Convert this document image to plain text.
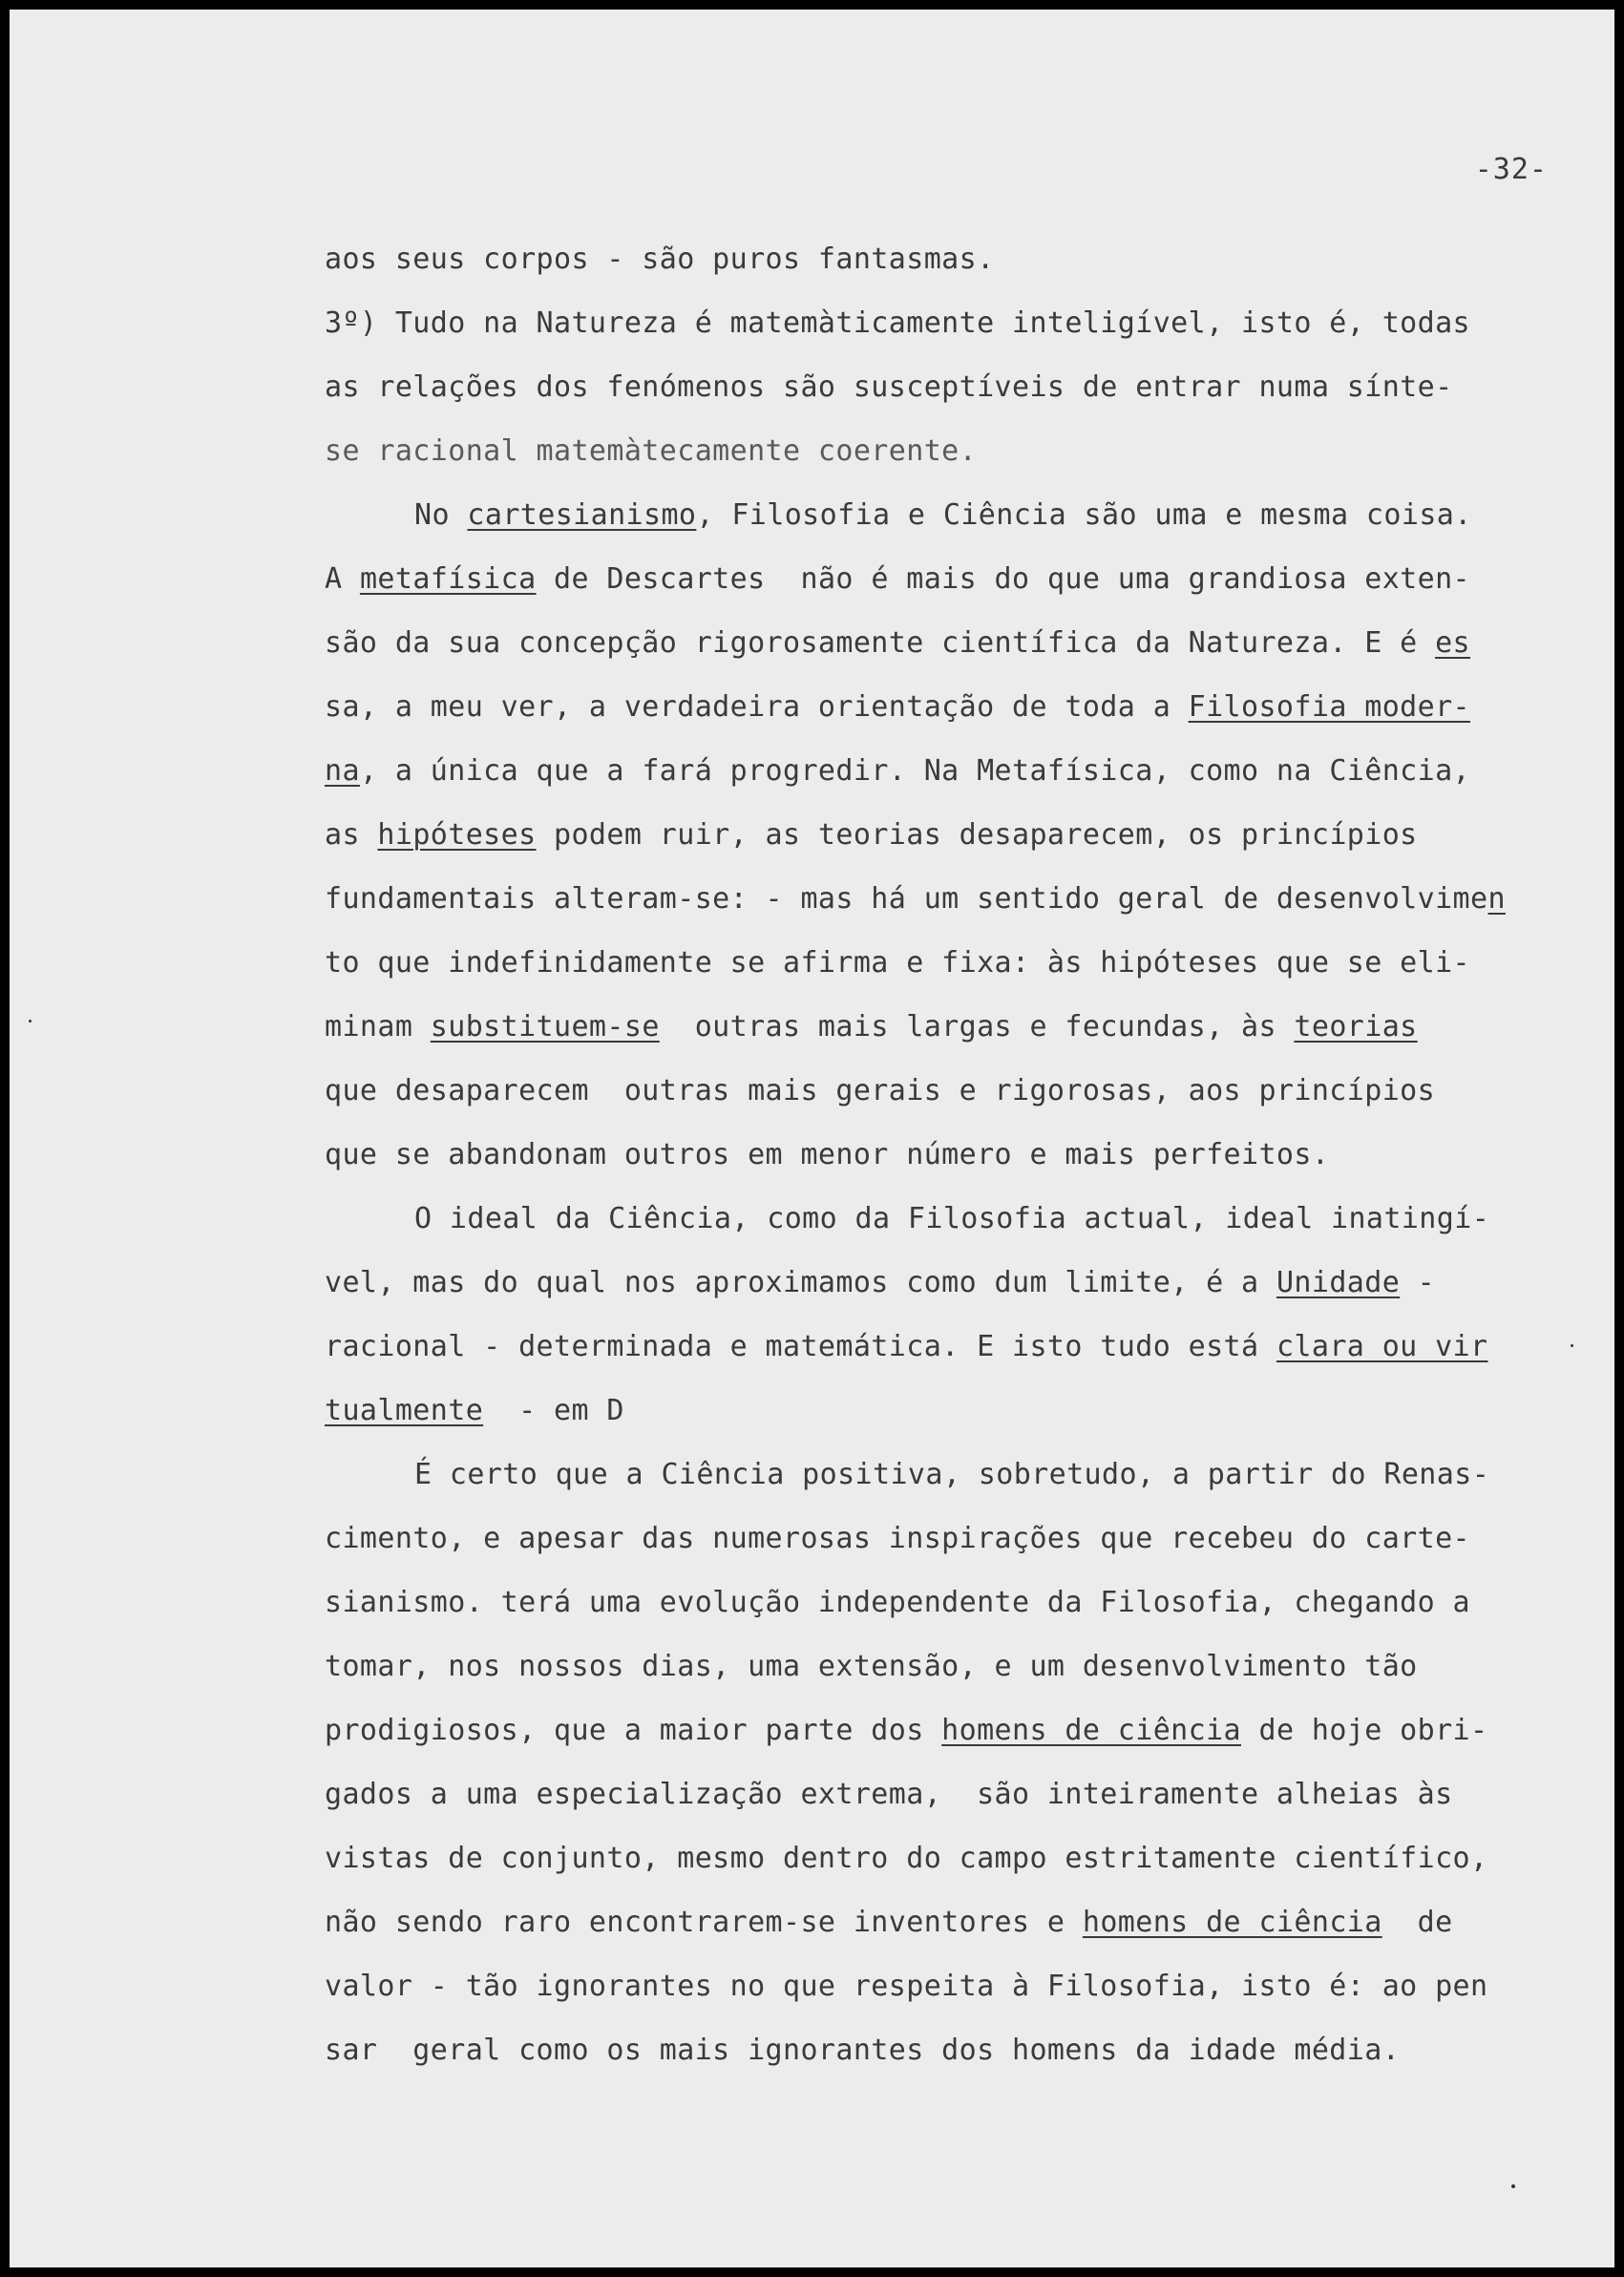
-32-
aos seus corpos - são puros fantasmas.
3º) Tudo na Natureza é matemàticamente inteligível, isto é, todas
as relações dos fenómenos são susceptíveis de entrar numa sínte-
se racional matemàtecamente coerente.
No cartesianismo, Filosofia e Ciência são uma e mesma coisa.
A metafísica de Descartes  não é mais do que uma grandiosa exten-
são da sua concepção rigorosamente científica da Natureza. E é es
sa, a meu ver, a verdadeira orientação de toda a Filosofia moder-
na, a única que a fará progredir. Na Metafísica, como na Ciência,
as hipóteses podem ruir, as teorias desaparecem, os princípios
fundamentais alteram-se: - mas há um sentido geral de desenvolvimen
to que indefinidamente se afirma e fixa: às hipóteses que se eli-
minam substituem-se  outras mais largas e fecundas, às teorias
que desaparecem  outras mais gerais e rigorosas, aos princípios
que se abandonam outros em menor número e mais perfeitos.
O ideal da Ciência, como da Filosofia actual, ideal inatingí-
vel, mas do qual nos aproximamos como dum limite, é a Unidade -
racional - determinada e matemática. E isto tudo está clara ou vir
tualmente  - em D
É certo que a Ciência positiva, sobretudo, a partir do Renas-
cimento, e apesar das numerosas inspirações que recebeu do carte-
sianismo. terá uma evolução independente da Filosofia, chegando a
tomar, nos nossos dias, uma extensão, e um desenvolvimento tão
prodigiosos, que a maior parte dos homens de ciência de hoje obri-
gados a uma especialização extrema,  são inteiramente alheias às
vistas de conjunto, mesmo dentro do campo estritamente científico,
não sendo raro encontrarem-se inventores e homens de ciência  de
valor - tão ignorantes no que respeita à Filosofia, isto é: ao pen
sar  geral como os mais ignorantes dos homens da idade média.
